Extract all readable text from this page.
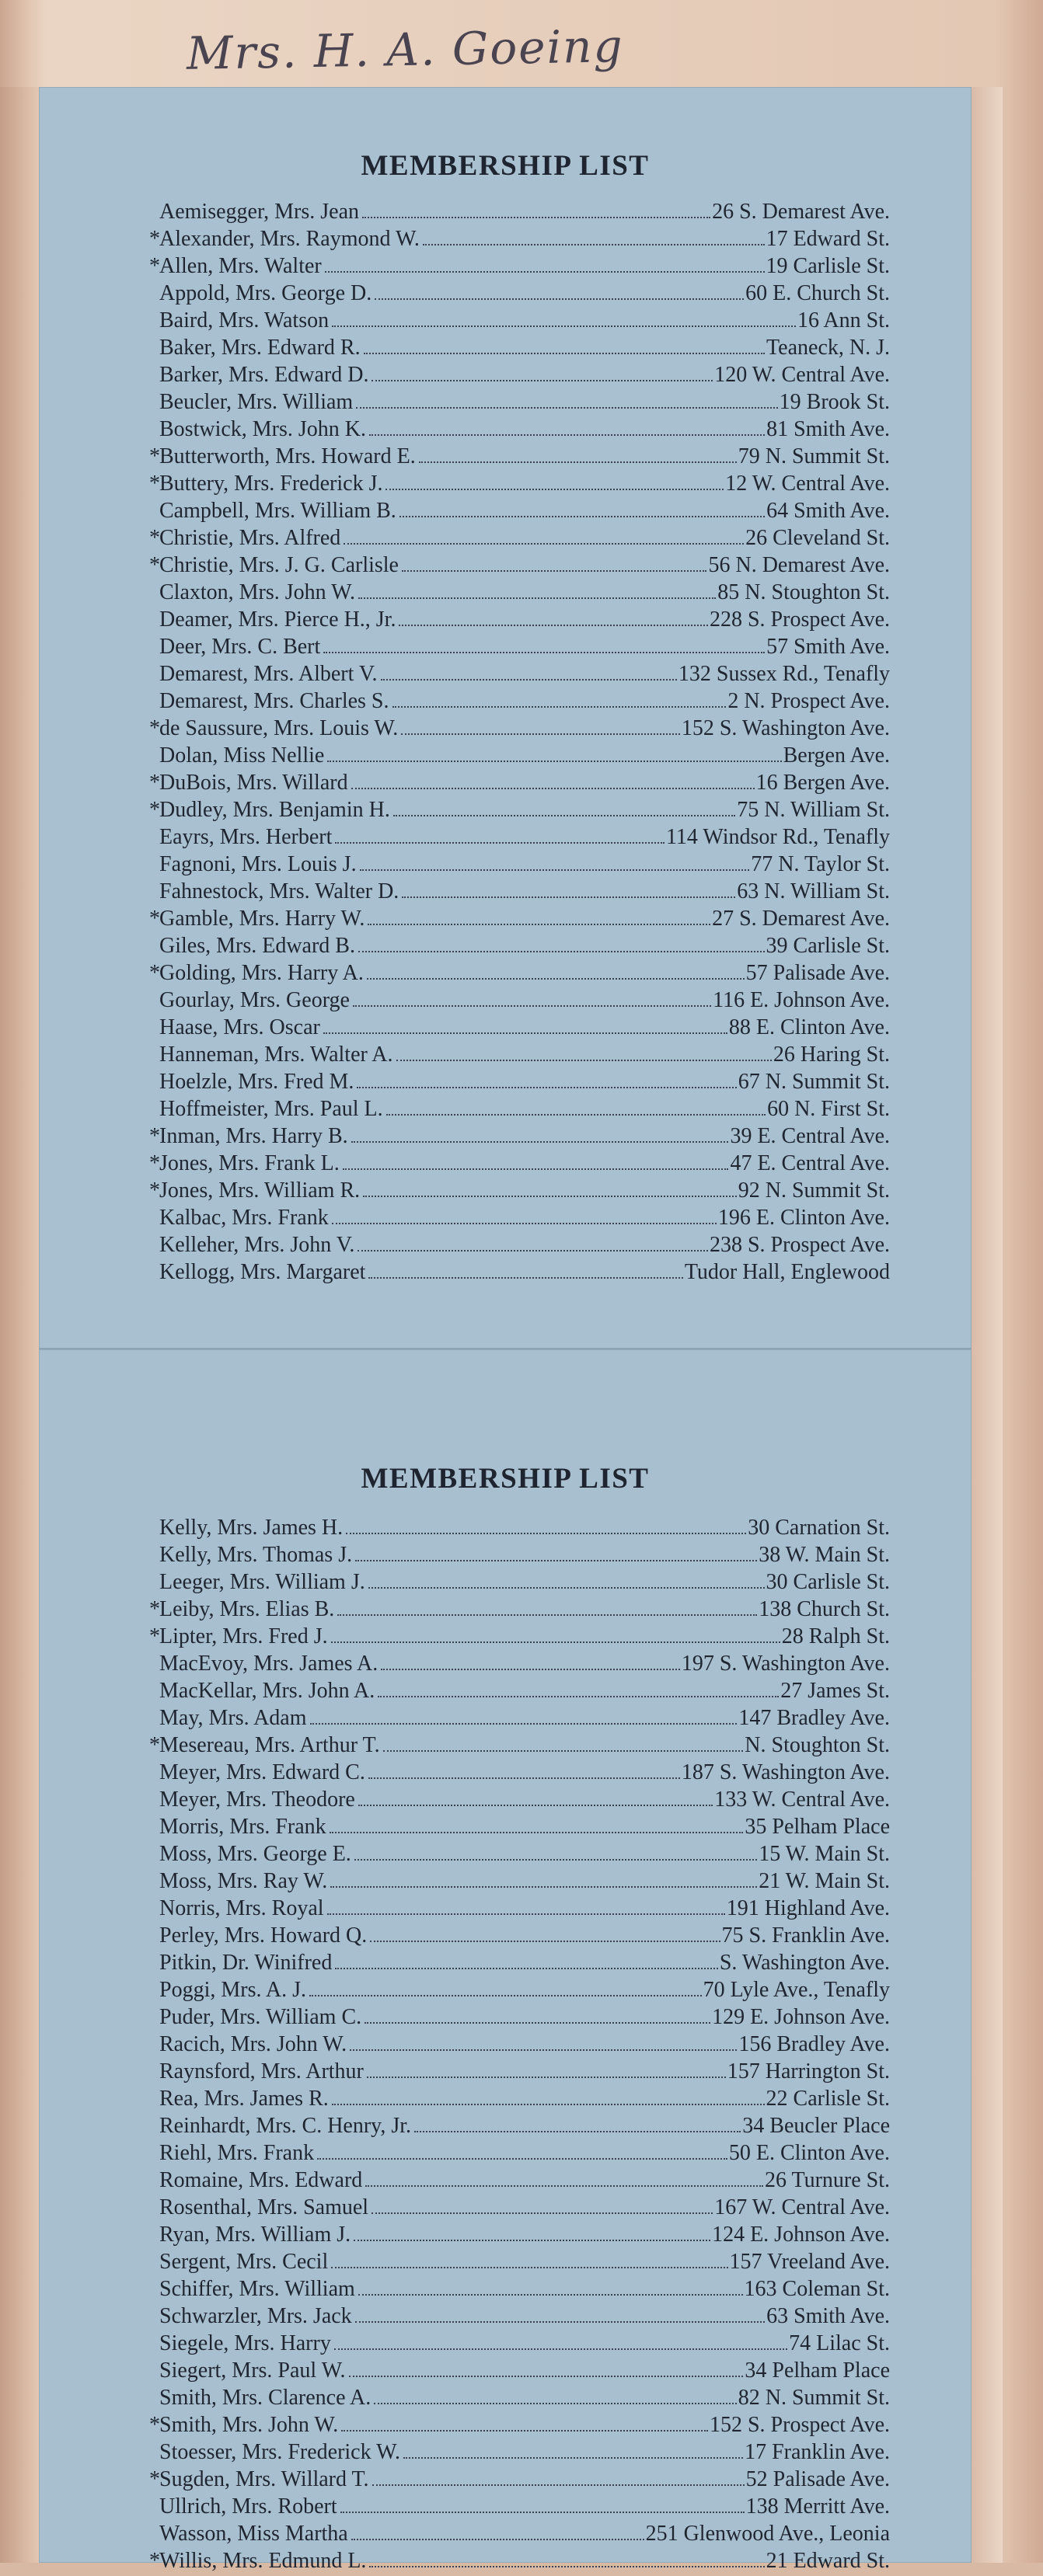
Mrs. H. A. Goeing
MEMBERSHIP LIST
Aemisegger, Mrs. Jean	26 S. Demarest Ave.
* Alexander, Mrs. Raymond W.	17 Edward St.
* Allen, Mrs. Walter	19 Carlisle St.
Appold, Mrs. George D.	60 E. Church St.
Baird, Mrs. Watson	16 Ann St.
Baker, Mrs. Edward R.	Teaneck, N. J.
Barker, Mrs. Edward D.	120 W. Central Ave.
Beucler, Mrs. William	19 Brook St.
Bostwick, Mrs. John K.	81 Smith Ave.
* Butterworth, Mrs. Howard E.	79 N. Summit St.
* Buttery, Mrs. Frederick J.	12 W. Central Ave.
Campbell, Mrs. William B.	64 Smith Ave.
* Christie, Mrs. Alfred	26 Cleveland St.
* Christie, Mrs. J. G. Carlisle	56 N. Demarest Ave.
Claxton, Mrs. John W.	85 N. Stoughton St.
Deamer, Mrs. Pierce H., Jr.	228 S. Prospect Ave.
Deer, Mrs. C. Bert	57 Smith Ave.
Demarest, Mrs. Albert V.	132 Sussex Rd., Tenafly
Demarest, Mrs. Charles S.	2 N. Prospect Ave.
* de Saussure, Mrs. Louis W.	152 S. Washington Ave.
Dolan, Miss Nellie	Bergen Ave.
* DuBois, Mrs. Willard	16 Bergen Ave.
* Dudley, Mrs. Benjamin H.	75 N. William St.
Eayrs, Mrs. Herbert	114 Windsor Rd., Tenafly
Fagnoni, Mrs. Louis J.	77 N. Taylor St.
Fahnestock, Mrs. Walter D.	63 N. William St.
* Gamble, Mrs. Harry W.	27 S. Demarest Ave.
Giles, Mrs. Edward B.	39 Carlisle St.
* Golding, Mrs. Harry A.	57 Palisade Ave.
Gourlay, Mrs. George	116 E. Johnson Ave.
Haase, Mrs. Oscar	88 E. Clinton Ave.
Hanneman, Mrs. Walter A.	26 Haring St.
Hoelzle, Mrs. Fred M.	67 N. Summit St.
Hoffmeister, Mrs. Paul L.	60 N. First St.
* Inman, Mrs. Harry B.	39 E. Central Ave.
* Jones, Mrs. Frank L.	47 E. Central Ave.
* Jones, Mrs. William R.	92 N. Summit St.
Kalbac, Mrs. Frank	196 E. Clinton Ave.
Kelleher, Mrs. John V.	238 S. Prospect Ave.
Kellogg, Mrs. Margaret	Tudor Hall, Englewood
MEMBERSHIP LIST
Kelly, Mrs. James H.	30 Carnation St.
Kelly, Mrs. Thomas J.	38 W. Main St.
Leeger, Mrs. William J.	30 Carlisle St.
* Leiby, Mrs. Elias B.	138 Church St.
* Lipter, Mrs. Fred J.	28 Ralph St.
MacEvoy, Mrs. James A.	197 S. Washington Ave.
MacKellar, Mrs. John A.	27 James St.
May, Mrs. Adam	147 Bradley Ave.
* Mesereau, Mrs. Arthur T.	N. Stoughton St.
Meyer, Mrs. Edward C.	187 S. Washington Ave.
Meyer, Mrs. Theodore	133 W. Central Ave.
Morris, Mrs. Frank	35 Pelham Place
Moss, Mrs. George E.	15 W. Main St.
Moss, Mrs. Ray W.	21 W. Main St.
Norris, Mrs. Royal	191 Highland Ave.
Perley, Mrs. Howard Q.	75 S. Franklin Ave.
Pitkin, Dr. Winifred	S. Washington Ave.
Poggi, Mrs. A. J.	70 Lyle Ave., Tenafly
Puder, Mrs. William C.	129 E. Johnson Ave.
Racich, Mrs. John W.	156 Bradley Ave.
Raynsford, Mrs. Arthur	157 Harrington St.
Rea, Mrs. James R.	22 Carlisle St.
Reinhardt, Mrs. C. Henry, Jr.	34 Beucler Place
Riehl, Mrs. Frank	50 E. Clinton Ave.
Romaine, Mrs. Edward	26 Turnure St.
Rosenthal, Mrs. Samuel	167 W. Central Ave.
Ryan, Mrs. William J.	124 E. Johnson Ave.
Sergent, Mrs. Cecil	157 Vreeland Ave.
Schiffer, Mrs. William	163 Coleman St.
Schwarzler, Mrs. Jack	63 Smith Ave.
Siegele, Mrs. Harry	74 Lilac St.
Siegert, Mrs. Paul W.	34 Pelham Place
Smith, Mrs. Clarence A.	82 N. Summit St.
* Smith, Mrs. John W.	152 S. Prospect Ave.
Stoesser, Mrs. Frederick W.	17 Franklin Ave.
* Sugden, Mrs. Willard T.	52 Palisade Ave.
Ullrich, Mrs. Robert	138 Merritt Ave.
Wasson, Miss Martha	251 Glenwood Ave., Leonia
* Willis, Mrs. Edmund L.	21 Edward St.
